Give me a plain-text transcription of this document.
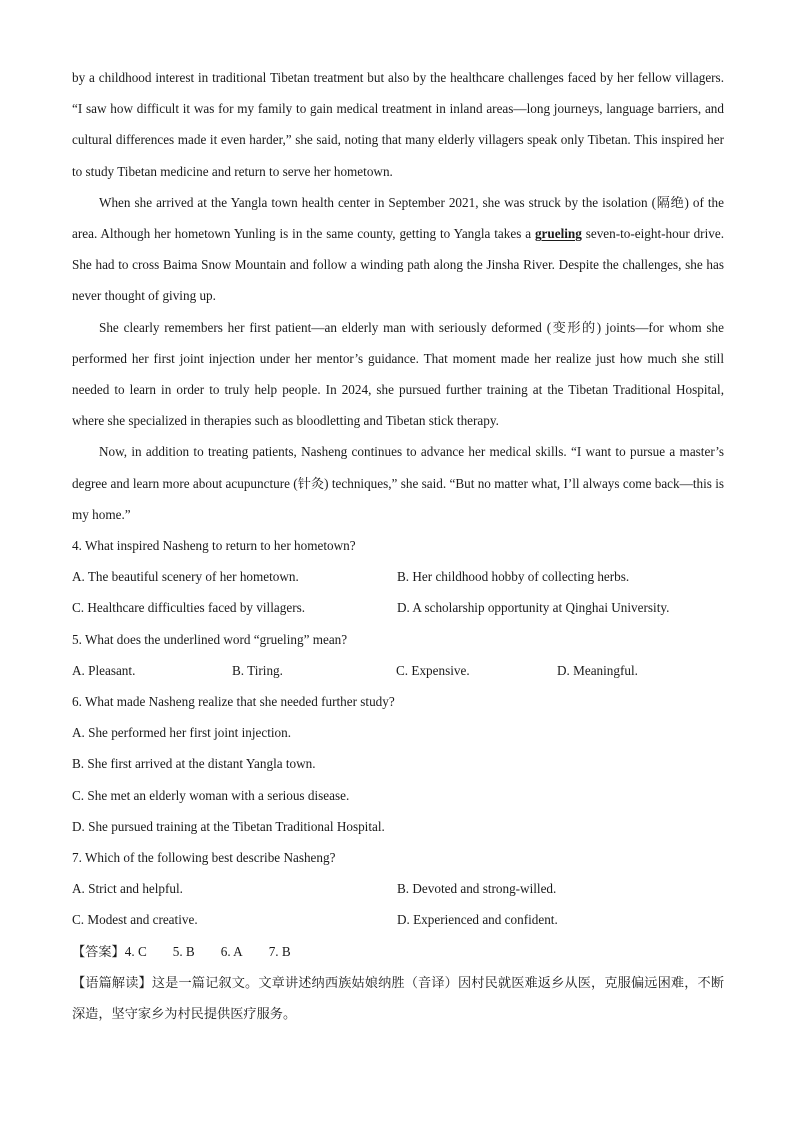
by a childhood interest in traditional Tibetan treatment but also by the healthcare challenges faced by her fellow villagers. “I saw how difficult it was for my family to gain medical treatment in inland areas—long journeys, language barriers, and cultural differences made it even harder,” she said, noting that many elderly villagers speak only Tibetan. This inspired her to study Tibetan medicine and return to serve her hometown.

When she arrived at the Yangla town health center in September 2021, she was struck by the isolation (隔绝) of the area. Although her hometown Yunling is in the same county, getting to Yangla takes a grueling seven-to-eight-hour drive. She had to cross Baima Snow Mountain and follow a winding path along the Jinsha River. Despite the challenges, she has never thought of giving up.

She clearly remembers her first patient—an elderly man with seriously deformed (变形的) joints—for whom she performed her first joint injection under her mentor’s guidance. That moment made her realize just how much she still needed to learn in order to truly help people. In 2024, she pursued further training at the Tibetan Traditional Hospital, where she specialized in therapies such as bloodletting and Tibetan stick therapy.

Now, in addition to treating patients, Nasheng continues to advance her medical skills. “I want to pursue a master’s degree and learn more about acupuncture (针灸) techniques,” she said. “But no matter what, I’ll always come back—this is my home.”

4. What inspired Nasheng to return to her hometown?

A. The beautiful scenery of her hometown.	B. Her childhood hobby of collecting herbs.
C. Healthcare difficulties faced by villagers.	D. A scholarship opportunity at Qinghai University.

5. What does the underlined word “grueling” mean?

A. Pleasant.	B. Tiring.	C. Expensive.	D. Meaningful.

6. What made Nasheng realize that she needed further study?

A. She performed her first joint injection.

B. She first arrived at the distant Yangla town.

C. She met an elderly woman with a serious disease.

D. She pursued training at the Tibetan Traditional Hospital.

7. Which of the following best describe Nasheng?

A. Strict and helpful.	B. Devoted and strong-willed.
C. Modest and creative.	D. Experienced and confident.

【答案】4. C 5. B 6. A 7. B

【语篇解读】这是一篇记叙文。文章讲述纳西族姑娘纳胜（音译）因村民就医难返乡从医，克服偏远困难，不断深造，坚守家乡为村民提供医疗服务。
